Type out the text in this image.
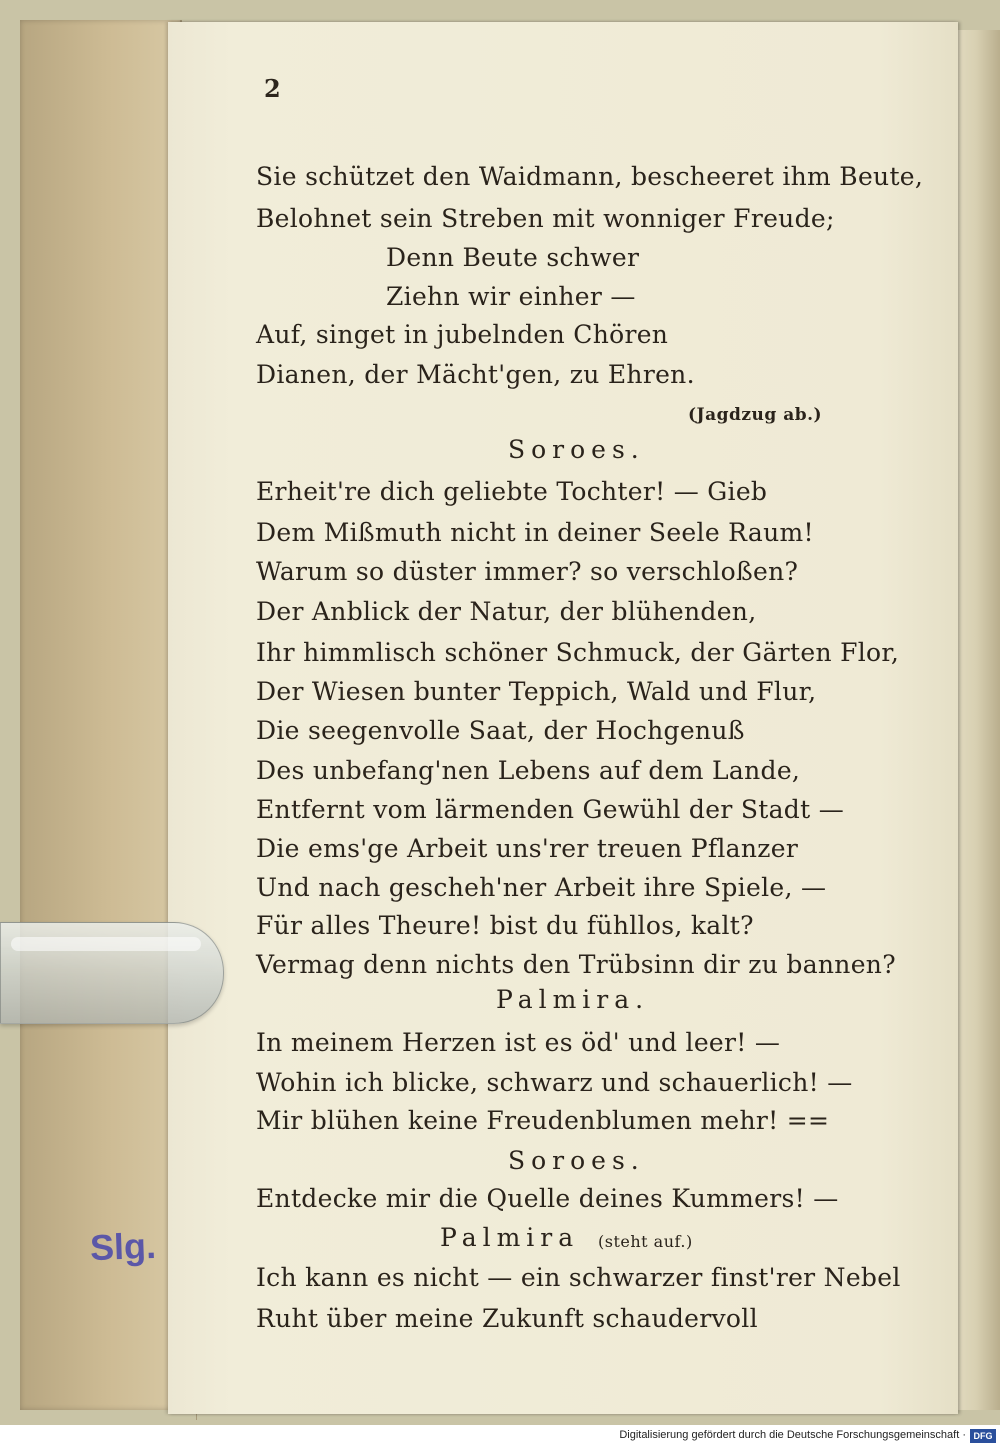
2
Sie schützet den Waidmann, bescheeret ihm Beute,
Belohnet sein Streben mit wonniger Freude;
Denn Beute schwer
Ziehn wir einher —
Auf, singet in jubelnden Chören
Dianen, der Mächt'gen, zu Ehren.
(Jagdzug ab.)
Soroes.
Erheit're dich geliebte Tochter! — Gieb
Dem Mißmuth nicht in deiner Seele Raum!
Warum so düster immer? so verschloßen?
Der Anblick der Natur, der blühenden,
Ihr himmlisch schöner Schmuck, der Gärten Flor,
Der Wiesen bunter Teppich, Wald und Flur,
Die seegenvolle Saat, der Hochgenuß
Des unbefang'nen Lebens auf dem Lande,
Entfernt vom lärmenden Gewühl der Stadt —
Die ems'ge Arbeit uns'rer treuen Pflanzer
Und nach gescheh'ner Arbeit ihre Spiele, —
Für alles Theure! bist du fühllos, kalt?
Vermag denn nichts den Trübsinn dir zu bannen?
Palmira.
In meinem Herzen ist es öd' und leer! —
Wohin ich blicke, schwarz und schauerlich! —
Mir blühen keine Freudenblumen mehr! ==
Soroes.
Entdecke mir die Quelle deines Kummers! —
Palmira (steht auf.)
Ich kann es nicht — ein schwarzer finst'rer Nebel
Ruht über meine Zukunft schaudervoll
Slg.
Digitalisierung gefördert durch die Deutsche Forschungsgemeinschaft · DFG
